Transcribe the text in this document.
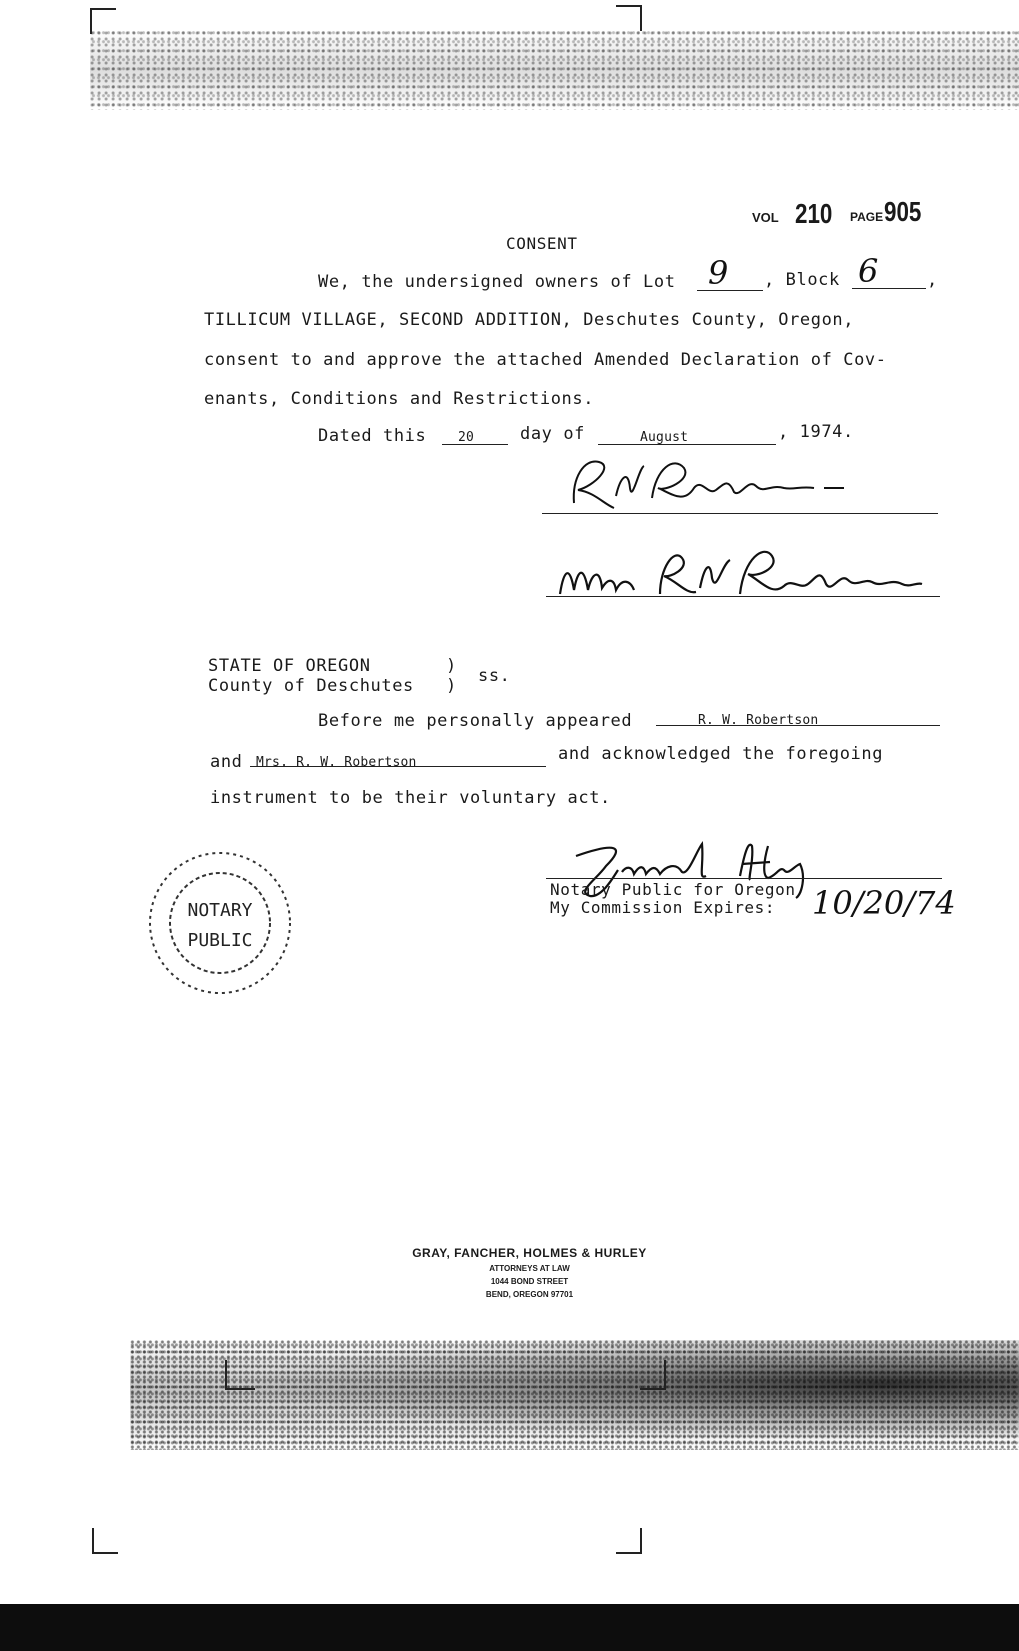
VOL 210 PAGE 905
CONSENT
We, the undersigned owners of Lot 9 , Block 6	,
TILLICUM VILLAGE, SECOND ADDITION, Deschutes County, Oregon,
consent to and approve the attached Amended Declaration of Cov-
enants, Conditions and Restrictions.
Dated this 20	day of	August	, 1974.
STATE OF OREGON
County of Deschutes
)
) ss.
Before me personally appeared	R. W. Robertson
and Mrs. R. W. Robertson	and acknowledged the foregoing
instrument to be their voluntary act.
NOTARY
PUBLIC
Notary Public for Oregon
My Commission Expires: 10/20/74
GRAY, FANCHER, HOLMES & HURLEY
ATTORNEYS AT LAW
1044 BOND STREET
BEND, OREGON 97701
